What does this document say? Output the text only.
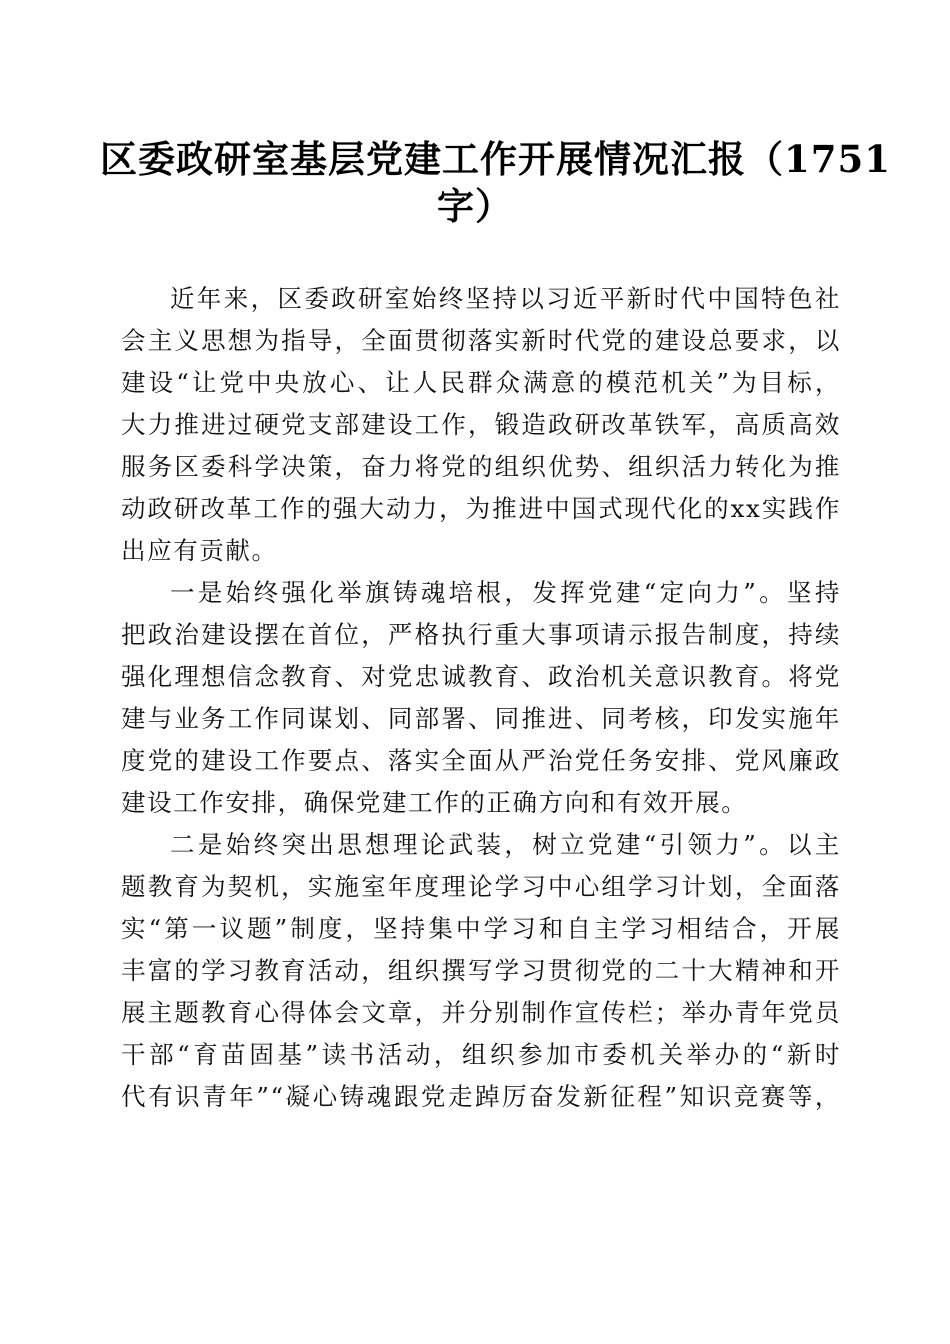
区委政研室基层党建工作开展情况汇报（1751
字）
近年来，区委政研室始终坚持以习近平新时代中国特色社
会主义思想为指导，全面贯彻落实新时代党的建设总要求，以
建设“让党中央放心、让人民群众满意的模范机关”为目标，
大力推进过硬党支部建设工作，锻造政研改革铁军，高质高效
服务区委科学决策，奋力将党的组织优势、组织活力转化为推
动政研改革工作的强大动力，为推进中国式现代化的xx实践作
出应有贡献。
一是始终强化举旗铸魂培根，发挥党建“定向力”。坚持
把政治建设摆在首位，严格执行重大事项请示报告制度，持续
强化理想信念教育、对党忠诚教育、政治机关意识教育。将党
建与业务工作同谋划、同部署、同推进、同考核，印发实施年
度党的建设工作要点、落实全面从严治党任务安排、党风廉政
建设工作安排，确保党建工作的正确方向和有效开展。
二是始终突出思想理论武装，树立党建“引领力”。以主
题教育为契机，实施室年度理论学习中心组学习计划，全面落
实“第一议题”制度，坚持集中学习和自主学习相结合，开展
丰富的学习教育活动，组织撰写学习贯彻党的二十大精神和开
展主题教育心得体会文章，并分别制作宣传栏；举办青年党员
干部“育苗固基”读书活动，组织参加市委机关举办的“新时
代有识青年”“凝心铸魂跟党走踔厉奋发新征程”知识竞赛等，
